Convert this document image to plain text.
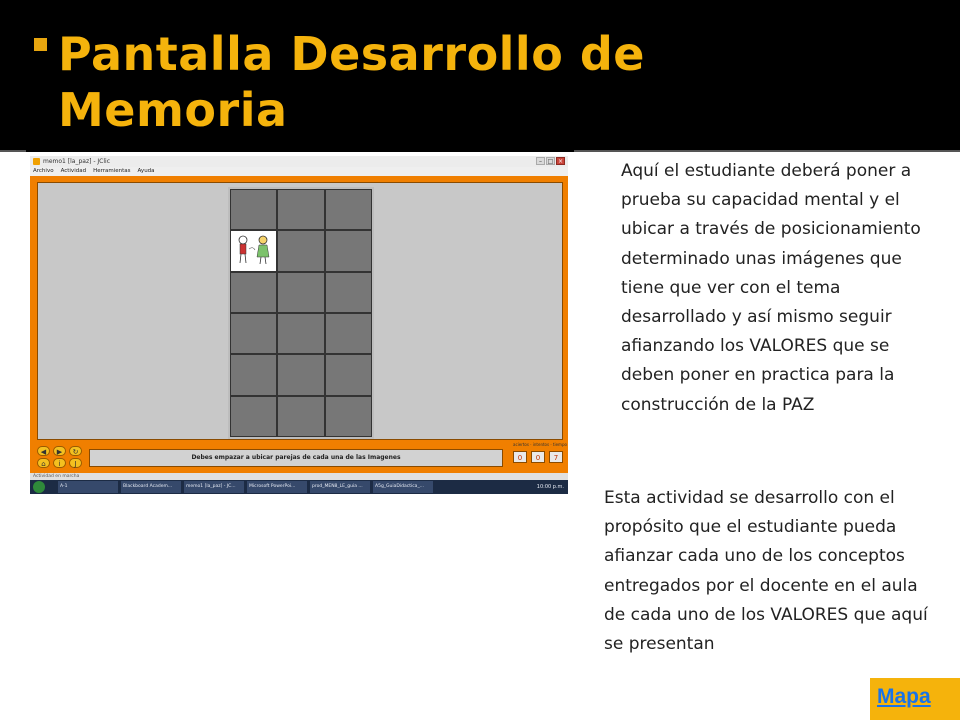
Pantalla Desarrollo de Memoria
memo1 [la_paz] - JClic	– □ ×
Archivo Actividad Herramientas Ayuda
◀	▶	↻
⌂	i	J
Debes empazar a ubicar parejas de cada una de las Imagenes
aciertos · intentos · tiempo
0	0	7
Actividad en marcha
A-1	Blackboard Academ...	memo1 [la_paz] - JC...	Microsoft PowerPoi...	prod_MEN8_LE_guia ...	A5g_GuiaDidactica_...	10:00 p.m.

Aquí el estudiante deberá poner a prueba su capacidad mental y el ubicar a través de posicionamiento determinado unas imágenes que tiene que ver con el tema desarrollado y así mismo seguir afianzando los VALORES que se deben poner en practica para la construcción de la PAZ

Esta actividad se desarrollo con el propósito que el estudiante pueda afianzar cada uno de los conceptos entregados por el docente en el aula de cada uno de los VALORES que aquí se presentan

Mapa
